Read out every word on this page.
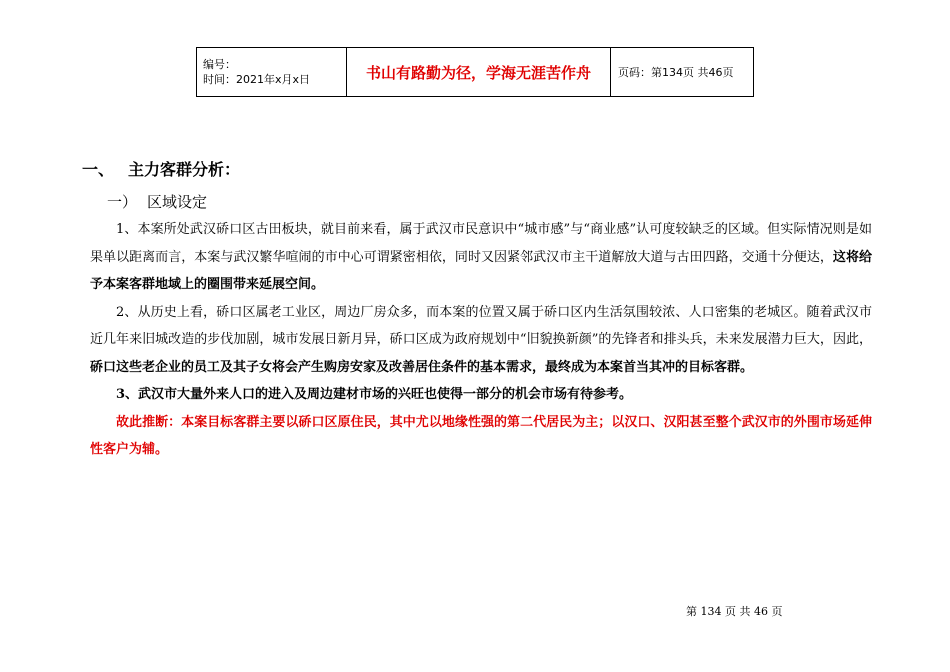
编号：
时间：2021年x月x日	书山有路勤为径，学海无涯苦作舟	页码：第134页 共46页
一、 主力客群分析：
一） 区域设定

1、本案所处武汉硚口区古田板块，就目前来看，属于武汉市民意识中“城市感”与“商业感”认可度较缺乏的区域。但实际情况则是如果单以距离而言，本案与武汉繁华喧闹的市中心可谓紧密相依，同时又因紧邻武汉市主干道解放大道与古田四路，交通十分便达，这将给予本案客群地域上的圈围带来延展空间。

2、从历史上看，硚口区属老工业区，周边厂房众多，而本案的位置又属于硚口区内生活氛围较浓、人口密集的老城区。随着武汉市近几年来旧城改造的步伐加剧，城市发展日新月异，硚口区成为政府规划中“旧貌换新颜”的先锋者和排头兵，未来发展潜力巨大，因此，硚口这些老企业的员工及其子女将会产生购房安家及改善居住条件的基本需求，最终成为本案首当其冲的目标客群。

3、武汉市大量外来人口的进入及周边建材市场的兴旺也使得一部分的机会市场有待参考。

故此推断：本案目标客群主要以硚口区原住民，其中尤以地缘性强的第二代居民为主；以汉口、汉阳甚至整个武汉市的外围市场延伸性客户为辅。

第 134 页 共 46 页
